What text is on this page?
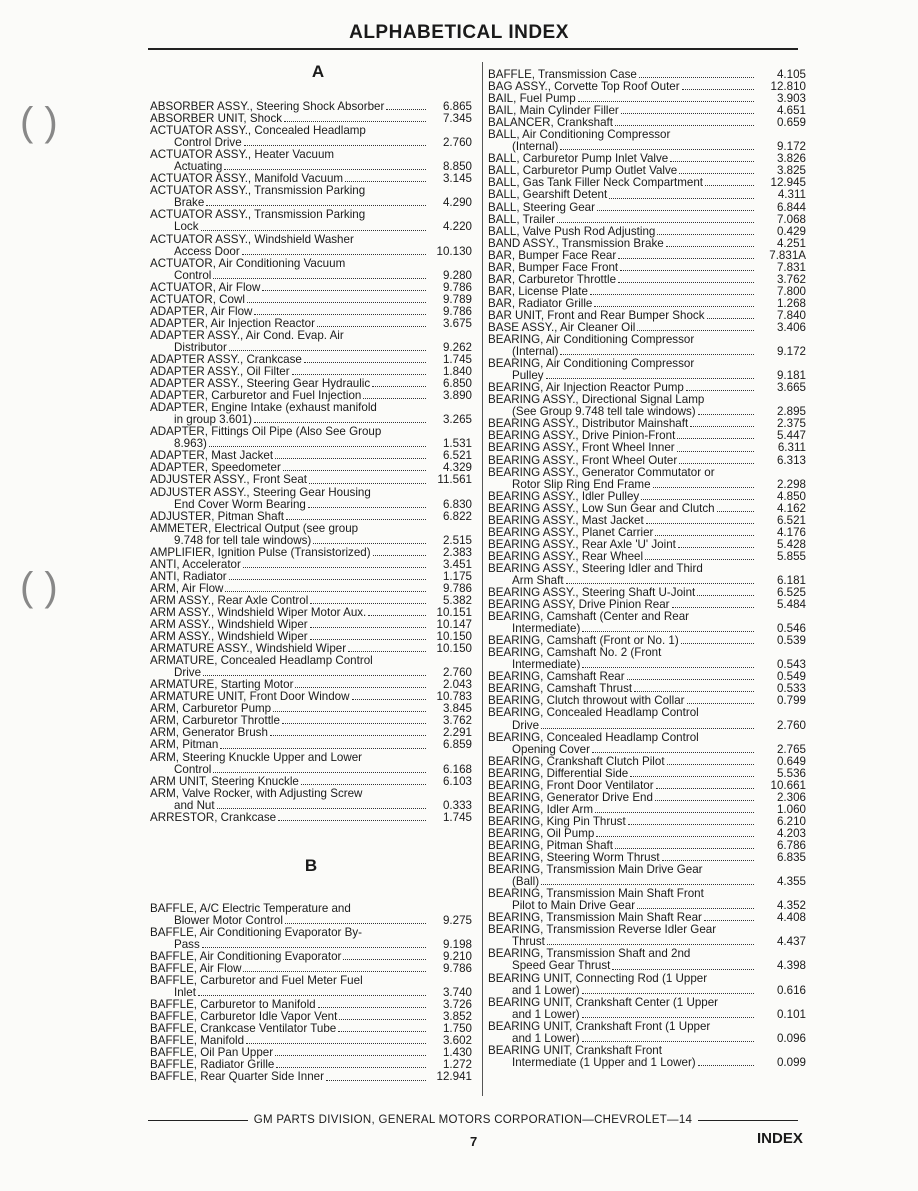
ALPHABETICAL INDEX
A
ABSORBER ASSY., Steering Shock Absorber	6.865
ABSORBER UNIT, Shock	7.345
ACTUATOR ASSY., Concealed Headlamp
Control Drive	2.760
ACTUATOR ASSY., Heater Vacuum
Actuating	8.850
ACTUATOR ASSY., Manifold Vacuum	3.145
ACTUATOR ASSY., Transmission Parking
Brake	4.290
ACTUATOR ASSY., Transmission Parking
Lock	4.220
ACTUATOR ASSY., Windshield Washer
Access Door	10.130
ACTUATOR, Air Conditioning Vacuum
Control	9.280
ACTUATOR, Air Flow	9.786
ACTUATOR, Cowl	9.789
ADAPTER, Air Flow	9.786
ADAPTER, Air Injection Reactor	3.675
ADAPTER ASSY., Air Cond. Evap. Air
Distributor	9.262
ADAPTER ASSY., Crankcase	1.745
ADAPTER ASSY., Oil Filter	1.840
ADAPTER ASSY., Steering Gear Hydraulic	6.850
ADAPTER, Carburetor and Fuel Injection	3.890
ADAPTER, Engine Intake (exhaust manifold
in group 3.601)	3.265
ADAPTER, Fittings Oil Pipe (Also See Group
8.963)	1.531
ADAPTER, Mast Jacket	6.521
ADAPTER, Speedometer	4.329
ADJUSTER ASSY., Front Seat	11.561
ADJUSTER ASSY., Steering Gear Housing
End Cover Worm Bearing	6.830
ADJUSTER, Pitman Shaft	6.822
AMMETER, Electrical Output (see group
9.748 for tell tale windows)	2.515
AMPLIFIER, Ignition Pulse (Transistorized)	2.383
ANTI, Accelerator	3.451
ANTI, Radiator	1.175
ARM, Air Flow	9.786
ARM ASSY., Rear Axle Control	5.382
ARM ASSY., Windshield Wiper Motor Aux.	10.151
ARM ASSY., Windshield Wiper	10.147
ARM ASSY., Windshield Wiper	10.150
ARMATURE ASSY., Windshield Wiper	10.150
ARMATURE, Concealed Headlamp Control
Drive	2.760
ARMATURE, Starting Motor	2.043
ARMATURE UNIT, Front Door Window	10.783
ARM, Carburetor Pump	3.845
ARM, Carburetor Throttle	3.762
ARM, Generator Brush	2.291
ARM, Pitman	6.859
ARM, Steering Knuckle Upper and Lower
Control	6.168
ARM UNIT, Steering Knuckle	6.103
ARM, Valve Rocker, with Adjusting Screw
and Nut	0.333
ARRESTOR, Crankcase	1.745
B
BAFFLE, A/C Electric Temperature and
Blower Motor Control	9.275
BAFFLE, Air Conditioning Evaporator By-
Pass	9.198
BAFFLE, Air Conditioning Evaporator	9.210
BAFFLE, Air Flow	9.786
BAFFLE, Carburetor and Fuel Meter Fuel
Inlet	3.740
BAFFLE, Carburetor to Manifold	3.726
BAFFLE, Carburetor Idle Vapor Vent	3.852
BAFFLE, Crankcase Ventilator Tube	1.750
BAFFLE, Manifold	3.602
BAFFLE, Oil Pan Upper	1.430
BAFFLE, Radiator Grille	1.272
BAFFLE, Rear Quarter Side Inner	12.941
BAFFLE, Transmission Case	4.105
BAG ASSY., Corvette Top Roof Outer	12.810
BAIL, Fuel Pump	3.903
BAIL, Main Cylinder Filler	4.651
BALANCER, Crankshaft	0.659
BALL, Air Conditioning Compressor
(Internal)	9.172
BALL, Carburetor Pump Inlet Valve	3.826
BALL, Carburetor Pump Outlet Valve	3.825
BALL, Gas Tank Filler Neck Compartment	12.945
BALL, Gearshift Detent	4.311
BALL, Steering Gear	6.844
BALL, Trailer	7.068
BALL, Valve Push Rod Adjusting	0.429
BAND ASSY., Transmission Brake	4.251
BAR, Bumper Face Rear	7.831A
BAR, Bumper Face Front	7.831
BAR, Carburetor Throttle	3.762
BAR, License Plate	7.800
BAR, Radiator Grille	1.268
BAR UNIT, Front and Rear Bumper Shock	7.840
BASE ASSY., Air Cleaner Oil	3.406
BEARING, Air Conditioning Compressor
(Internal)	9.172
BEARING, Air Conditioning Compressor
Pulley	9.181
BEARING, Air Injection Reactor Pump	3.665
BEARING ASSY., Directional Signal Lamp
(See Group 9.748 tell tale windows)	2.895
BEARING ASSY., Distributor Mainshaft	2.375
BEARING ASSY., Drive Pinion-Front	5.447
BEARING ASSY., Front Wheel Inner	6.311
BEARING ASSY., Front Wheel Outer	6.313
BEARING ASSY., Generator Commutator or
Rotor Slip Ring End Frame	2.298
BEARING ASSY., Idler Pulley	4.850
BEARING ASSY., Low Sun Gear and Clutch	4.162
BEARING ASSY., Mast Jacket	6.521
BEARING ASSY., Planet Carrier	4.176
BEARING ASSY., Rear Axle 'U' Joint	5.428
BEARING ASSY., Rear Wheel	5.855
BEARING ASSY., Steering Idler and Third
Arm Shaft	6.181
BEARING ASSY., Steering Shaft U-Joint	6.525
BEARING ASSY, Drive Pinion Rear	5.484
BEARING, Camshaft (Center and Rear
Intermediate)	0.546
BEARING, Camshaft (Front or No. 1)	0.539
BEARING, Camshaft No. 2 (Front
Intermediate)	0.543
BEARING, Camshaft Rear	0.549
BEARING, Camshaft Thrust	0.533
BEARING, Clutch throwout with Collar	0.799
BEARING, Concealed Headlamp Control
Drive	2.760
BEARING, Concealed Headlamp Control
Opening Cover	2.765
BEARING, Crankshaft Clutch Pilot	0.649
BEARING, Differential Side	5.536
BEARING, Front Door Ventilator	10.661
BEARING, Generator Drive End	2.306
BEARING, Idler Arm	1.060
BEARING, King Pin Thrust	6.210
BEARING, Oil Pump	4.203
BEARING, Pitman Shaft	6.786
BEARING, Steering Worm Thrust	6.835
BEARING, Transmission Main Drive Gear
(Ball)	4.355
BEARING, Transmission Main Shaft Front
Pilot to Main Drive Gear	4.352
BEARING, Transmission Main Shaft Rear	4.408
BEARING, Transmission Reverse Idler Gear
Thrust	4.437
BEARING, Transmission Shaft and 2nd
Speed Gear Thrust	4.398
BEARING UNIT, Connecting Rod (1 Upper
and 1 Lower)	0.616
BEARING UNIT, Crankshaft Center (1 Upper
and 1 Lower)	0.101
BEARING UNIT, Crankshaft Front (1 Upper
and 1 Lower)	0.096
BEARING UNIT, Crankshaft Front
Intermediate (1 Upper and 1 Lower)	0.099
GM PARTS DIVISION, GENERAL MOTORS CORPORATION—CHEVROLET—14
7	INDEX
( )
( )
